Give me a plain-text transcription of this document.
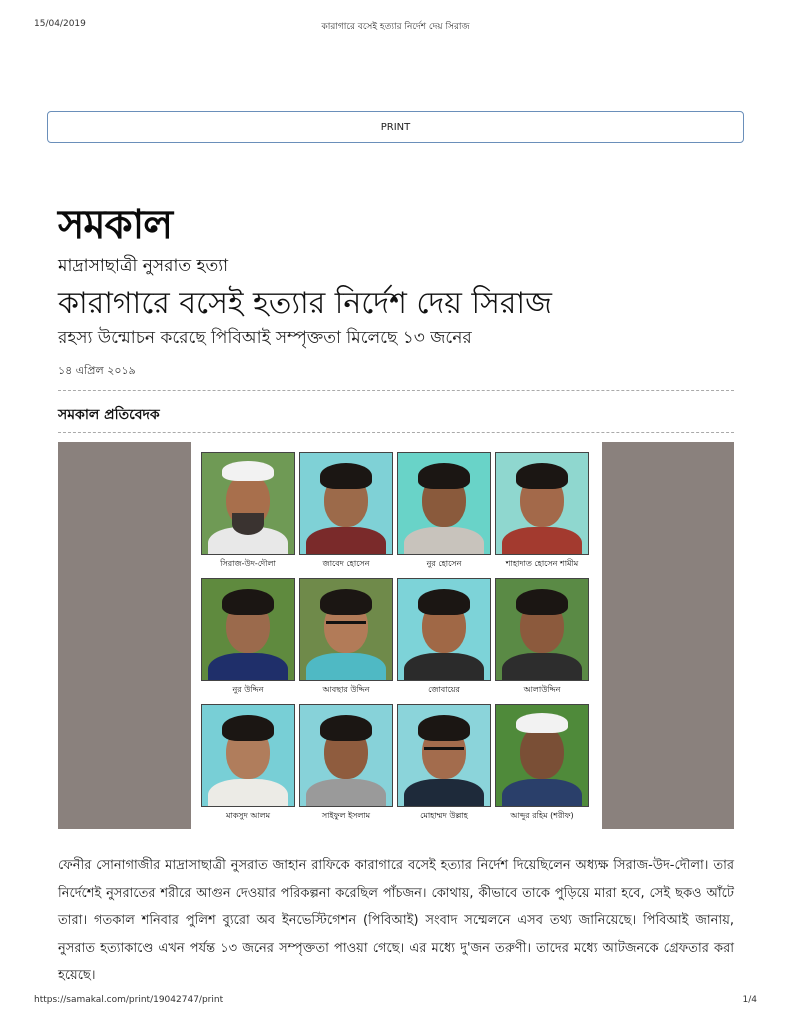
15/04/2019	কারাগারে বসেই হত্যার নির্দেশ দেয় সিরাজ
PRINT
সমকাল
মাদ্রাসাছাত্রী নুসরাত হত্যা
কারাগারে বসেই হত্যার নির্দেশ দেয় সিরাজ
রহস্য উন্মোচন করেছে পিবিআই সম্পৃক্ততা মিলেছে ১৩ জনের
১৪ এপ্রিল ২০১৯
সমকাল প্রতিবেদক
সিরাজ-উদ-দৌলা	জাবেদ হোসেন	নুর হোসেন	শাহাদাত হোসেন শামীম
নুর উদ্দিন	আবছার উদ্দিন	জোবায়ের	আলাউদ্দিন
মাকসুদ আলম	সাইফুল ইসলাম	মোহাম্মদ উল্লাহ	আব্দুর রহিম (শরীফ)
ফেনীর সোনাগাজীর মাদ্রাসাছাত্রী নুসরাত জাহান রাফিকে কারাগারে বসেই হত্যার নির্দেশ দিয়েছিলেন অধ্যক্ষ সিরাজ-উদ-দৌলা। তার নির্দেশেই নুসরাতের শরীরে আগুন দেওয়ার পরিকল্পনা করেছিল পাঁচজন। কোথায়, কীভাবে তাকে পুড়িয়ে মারা হবে, সেই ছকও আঁটে তারা। গতকাল শনিবার পুলিশ ব্যুরো অব ইনভেস্টিগেশন (পিবিআই) সংবাদ সম্মেলনে এসব তথ্য জানিয়েছে। পিবিআই জানায়, নুসরাত হত্যাকাণ্ডে এখন পর্যন্ত ১৩ জনের সম্পৃক্ততা পাওয়া গেছে। এর মধ্যে দু'জন তরুণী। তাদের মধ্যে আটজনকে গ্রেফতার করা হয়েছে।
https://samakal.com/print/19042747/print	1/4
